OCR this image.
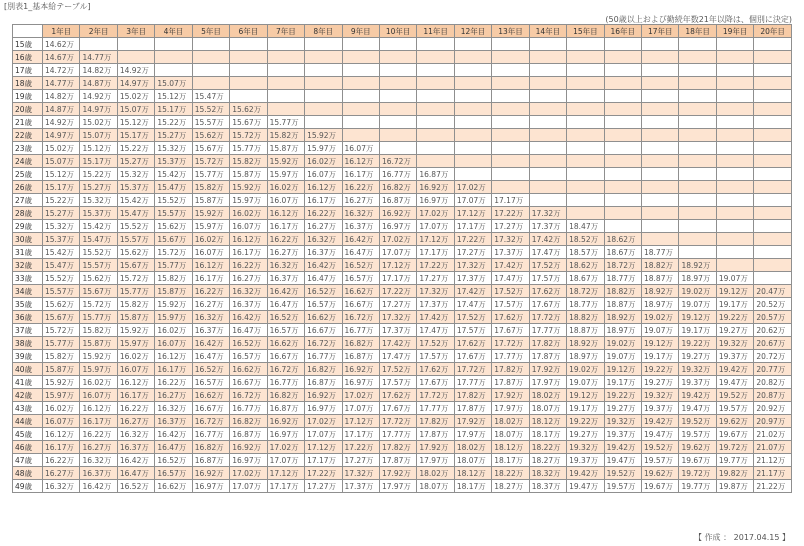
[別表1_基本給テーブル]
(50歳以上および勤続年数21年以降は、個別に決定)
	1年目	2年目	3年目	4年目	5年目	6年目	7年目	8年目	9年目	10年目	11年目	12年目	13年目	14年目	15年目	16年目	17年目	18年目	19年目	20年目
15歳	14.62万																			
16歳	14.67万	14.77万																		
17歳	14.72万	14.82万	14.92万																	
18歳	14.77万	14.87万	14.97万	15.07万																
19歳	14.82万	14.92万	15.02万	15.12万	15.47万															
20歳	14.87万	14.97万	15.07万	15.17万	15.52万	15.62万														
21歳	14.92万	15.02万	15.12万	15.22万	15.57万	15.67万	15.77万													
22歳	14.97万	15.07万	15.17万	15.27万	15.62万	15.72万	15.82万	15.92万												
23歳	15.02万	15.12万	15.22万	15.32万	15.67万	15.77万	15.87万	15.97万	16.07万											
24歳	15.07万	15.17万	15.27万	15.37万	15.72万	15.82万	15.92万	16.02万	16.12万	16.72万										
25歳	15.12万	15.22万	15.32万	15.42万	15.77万	15.87万	15.97万	16.07万	16.17万	16.77万	16.87万									
26歳	15.17万	15.27万	15.37万	15.47万	15.82万	15.92万	16.02万	16.12万	16.22万	16.82万	16.92万	17.02万								
27歳	15.22万	15.32万	15.42万	15.52万	15.87万	15.97万	16.07万	16.17万	16.27万	16.87万	16.97万	17.07万	17.17万							
28歳	15.27万	15.37万	15.47万	15.57万	15.92万	16.02万	16.12万	16.22万	16.32万	16.92万	17.02万	17.12万	17.22万	17.32万						
29歳	15.32万	15.42万	15.52万	15.62万	15.97万	16.07万	16.17万	16.27万	16.37万	16.97万	17.07万	17.17万	17.27万	17.37万	18.47万					
30歳	15.37万	15.47万	15.57万	15.67万	16.02万	16.12万	16.22万	16.32万	16.42万	17.02万	17.12万	17.22万	17.32万	17.42万	18.52万	18.62万				
31歳	15.42万	15.52万	15.62万	15.72万	16.07万	16.17万	16.27万	16.37万	16.47万	17.07万	17.17万	17.27万	17.37万	17.47万	18.57万	18.67万	18.77万			
32歳	15.47万	15.57万	15.67万	15.77万	16.12万	16.22万	16.32万	16.42万	16.52万	17.12万	17.22万	17.32万	17.42万	17.52万	18.62万	18.72万	18.82万	18.92万		
33歳	15.52万	15.62万	15.72万	15.82万	16.17万	16.27万	16.37万	16.47万	16.57万	17.17万	17.27万	17.37万	17.47万	17.57万	18.67万	18.77万	18.87万	18.97万	19.07万	
34歳	15.57万	15.67万	15.77万	15.87万	16.22万	16.32万	16.42万	16.52万	16.62万	17.22万	17.32万	17.42万	17.52万	17.62万	18.72万	18.82万	18.92万	19.02万	19.12万	20.47万
35歳	15.62万	15.72万	15.82万	15.92万	16.27万	16.37万	16.47万	16.57万	16.67万	17.27万	17.37万	17.47万	17.57万	17.67万	18.77万	18.87万	18.97万	19.07万	19.17万	20.52万
36歳	15.67万	15.77万	15.87万	15.97万	16.32万	16.42万	16.52万	16.62万	16.72万	17.32万	17.42万	17.52万	17.62万	17.72万	18.82万	18.92万	19.02万	19.12万	19.22万	20.57万
37歳	15.72万	15.82万	15.92万	16.02万	16.37万	16.47万	16.57万	16.67万	16.77万	17.37万	17.47万	17.57万	17.67万	17.77万	18.87万	18.97万	19.07万	19.17万	19.27万	20.62万
38歳	15.77万	15.87万	15.97万	16.07万	16.42万	16.52万	16.62万	16.72万	16.82万	17.42万	17.52万	17.62万	17.72万	17.82万	18.92万	19.02万	19.12万	19.22万	19.32万	20.67万
39歳	15.82万	15.92万	16.02万	16.12万	16.47万	16.57万	16.67万	16.77万	16.87万	17.47万	17.57万	17.67万	17.77万	17.87万	18.97万	19.07万	19.17万	19.27万	19.37万	20.72万
40歳	15.87万	15.97万	16.07万	16.17万	16.52万	16.62万	16.72万	16.82万	16.92万	17.52万	17.62万	17.72万	17.82万	17.92万	19.02万	19.12万	19.22万	19.32万	19.42万	20.77万
41歳	15.92万	16.02万	16.12万	16.22万	16.57万	16.67万	16.77万	16.87万	16.97万	17.57万	17.67万	17.77万	17.87万	17.97万	19.07万	19.17万	19.27万	19.37万	19.47万	20.82万
42歳	15.97万	16.07万	16.17万	16.27万	16.62万	16.72万	16.82万	16.92万	17.02万	17.62万	17.72万	17.82万	17.92万	18.02万	19.12万	19.22万	19.32万	19.42万	19.52万	20.87万
43歳	16.02万	16.12万	16.22万	16.32万	16.67万	16.77万	16.87万	16.97万	17.07万	17.67万	17.77万	17.87万	17.97万	18.07万	19.17万	19.27万	19.37万	19.47万	19.57万	20.92万
44歳	16.07万	16.17万	16.27万	16.37万	16.72万	16.82万	16.92万	17.02万	17.12万	17.72万	17.82万	17.92万	18.02万	18.12万	19.22万	19.32万	19.42万	19.52万	19.62万	20.97万
45歳	16.12万	16.22万	16.32万	16.42万	16.77万	16.87万	16.97万	17.07万	17.17万	17.77万	17.87万	17.97万	18.07万	18.17万	19.27万	19.37万	19.47万	19.57万	19.67万	21.02万
46歳	16.17万	16.27万	16.37万	16.47万	16.82万	16.92万	17.02万	17.12万	17.22万	17.82万	17.92万	18.02万	18.12万	18.22万	19.32万	19.42万	19.52万	19.62万	19.72万	21.07万
47歳	16.22万	16.32万	16.42万	16.52万	16.87万	16.97万	17.07万	17.17万	17.27万	17.87万	17.97万	18.07万	18.17万	18.27万	19.37万	19.47万	19.57万	19.67万	19.77万	21.12万
48歳	16.27万	16.37万	16.47万	16.57万	16.92万	17.02万	17.12万	17.22万	17.32万	17.92万	18.02万	18.12万	18.22万	18.32万	19.42万	19.52万	19.62万	19.72万	19.82万	21.17万
49歳	16.32万	16.42万	16.52万	16.62万	16.97万	17.07万	17.17万	17.27万	17.37万	17.97万	18.07万	18.17万	18.27万	18.37万	19.47万	19.57万	19.67万	19.77万	19.87万	21.22万
【 作成 ： 2017.04.15 】
